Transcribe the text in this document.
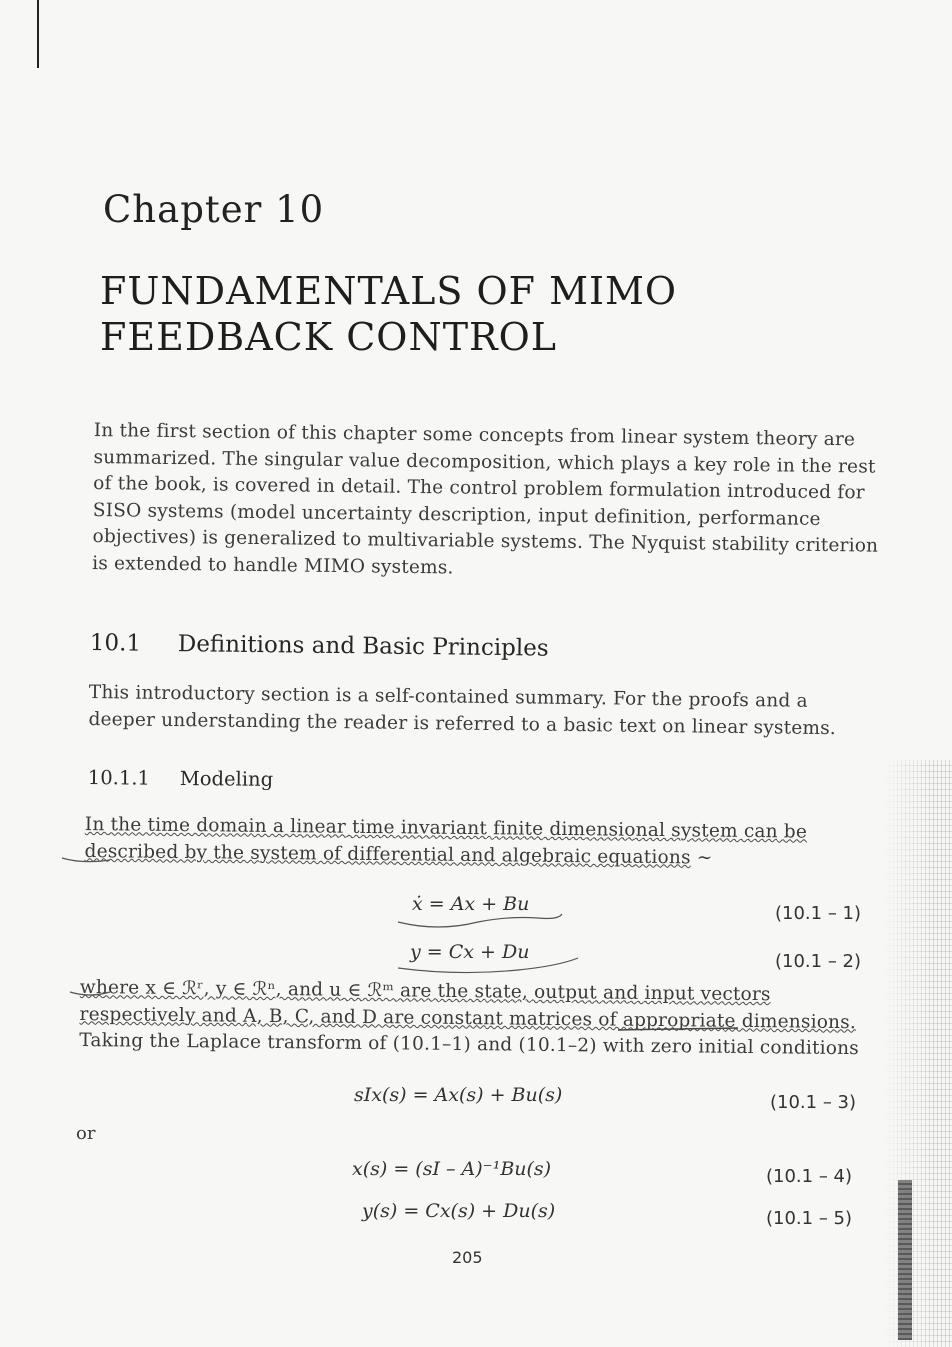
Chapter 10
FUNDAMENTALS OF MIMO FEEDBACK CONTROL
In the first section of this chapter some concepts from linear system theory are summarized. The singular value decomposition, which plays a key role in the rest of the book, is covered in detail. The control problem formulation introduced for SISO systems (model uncertainty description, input definition, performance objectives) is generalized to multivariable systems. The Nyquist stability criterion is extended to handle MIMO systems.
10.1 Definitions and Basic Principles
This introductory section is a self-contained summary. For the proofs and a deeper understanding the reader is referred to a basic text on linear systems.
10.1.1 Modeling
In the time domain a linear time invariant finite dimensional system can be described by the system of differential and algebraic equations ~
ẋ = Ax + Bu	(10.1 – 1)
y = Cx + Du	(10.1 – 2)
where x ∈ ℛʳ, y ∈ ℛⁿ, and u ∈ ℛᵐ are the state, output and input vectors
respectively and A, B, C, and D are constant matrices of appropriate dimensions.
Taking the Laplace transform of (10.1–1) and (10.1–2) with zero initial conditions
sIx(s) = Ax(s) + Bu(s)	(10.1 – 3)
or
x(s) = (sI – A)⁻¹Bu(s)	(10.1 – 4)
y(s) = Cx(s) + Du(s)	(10.1 – 5)
205
